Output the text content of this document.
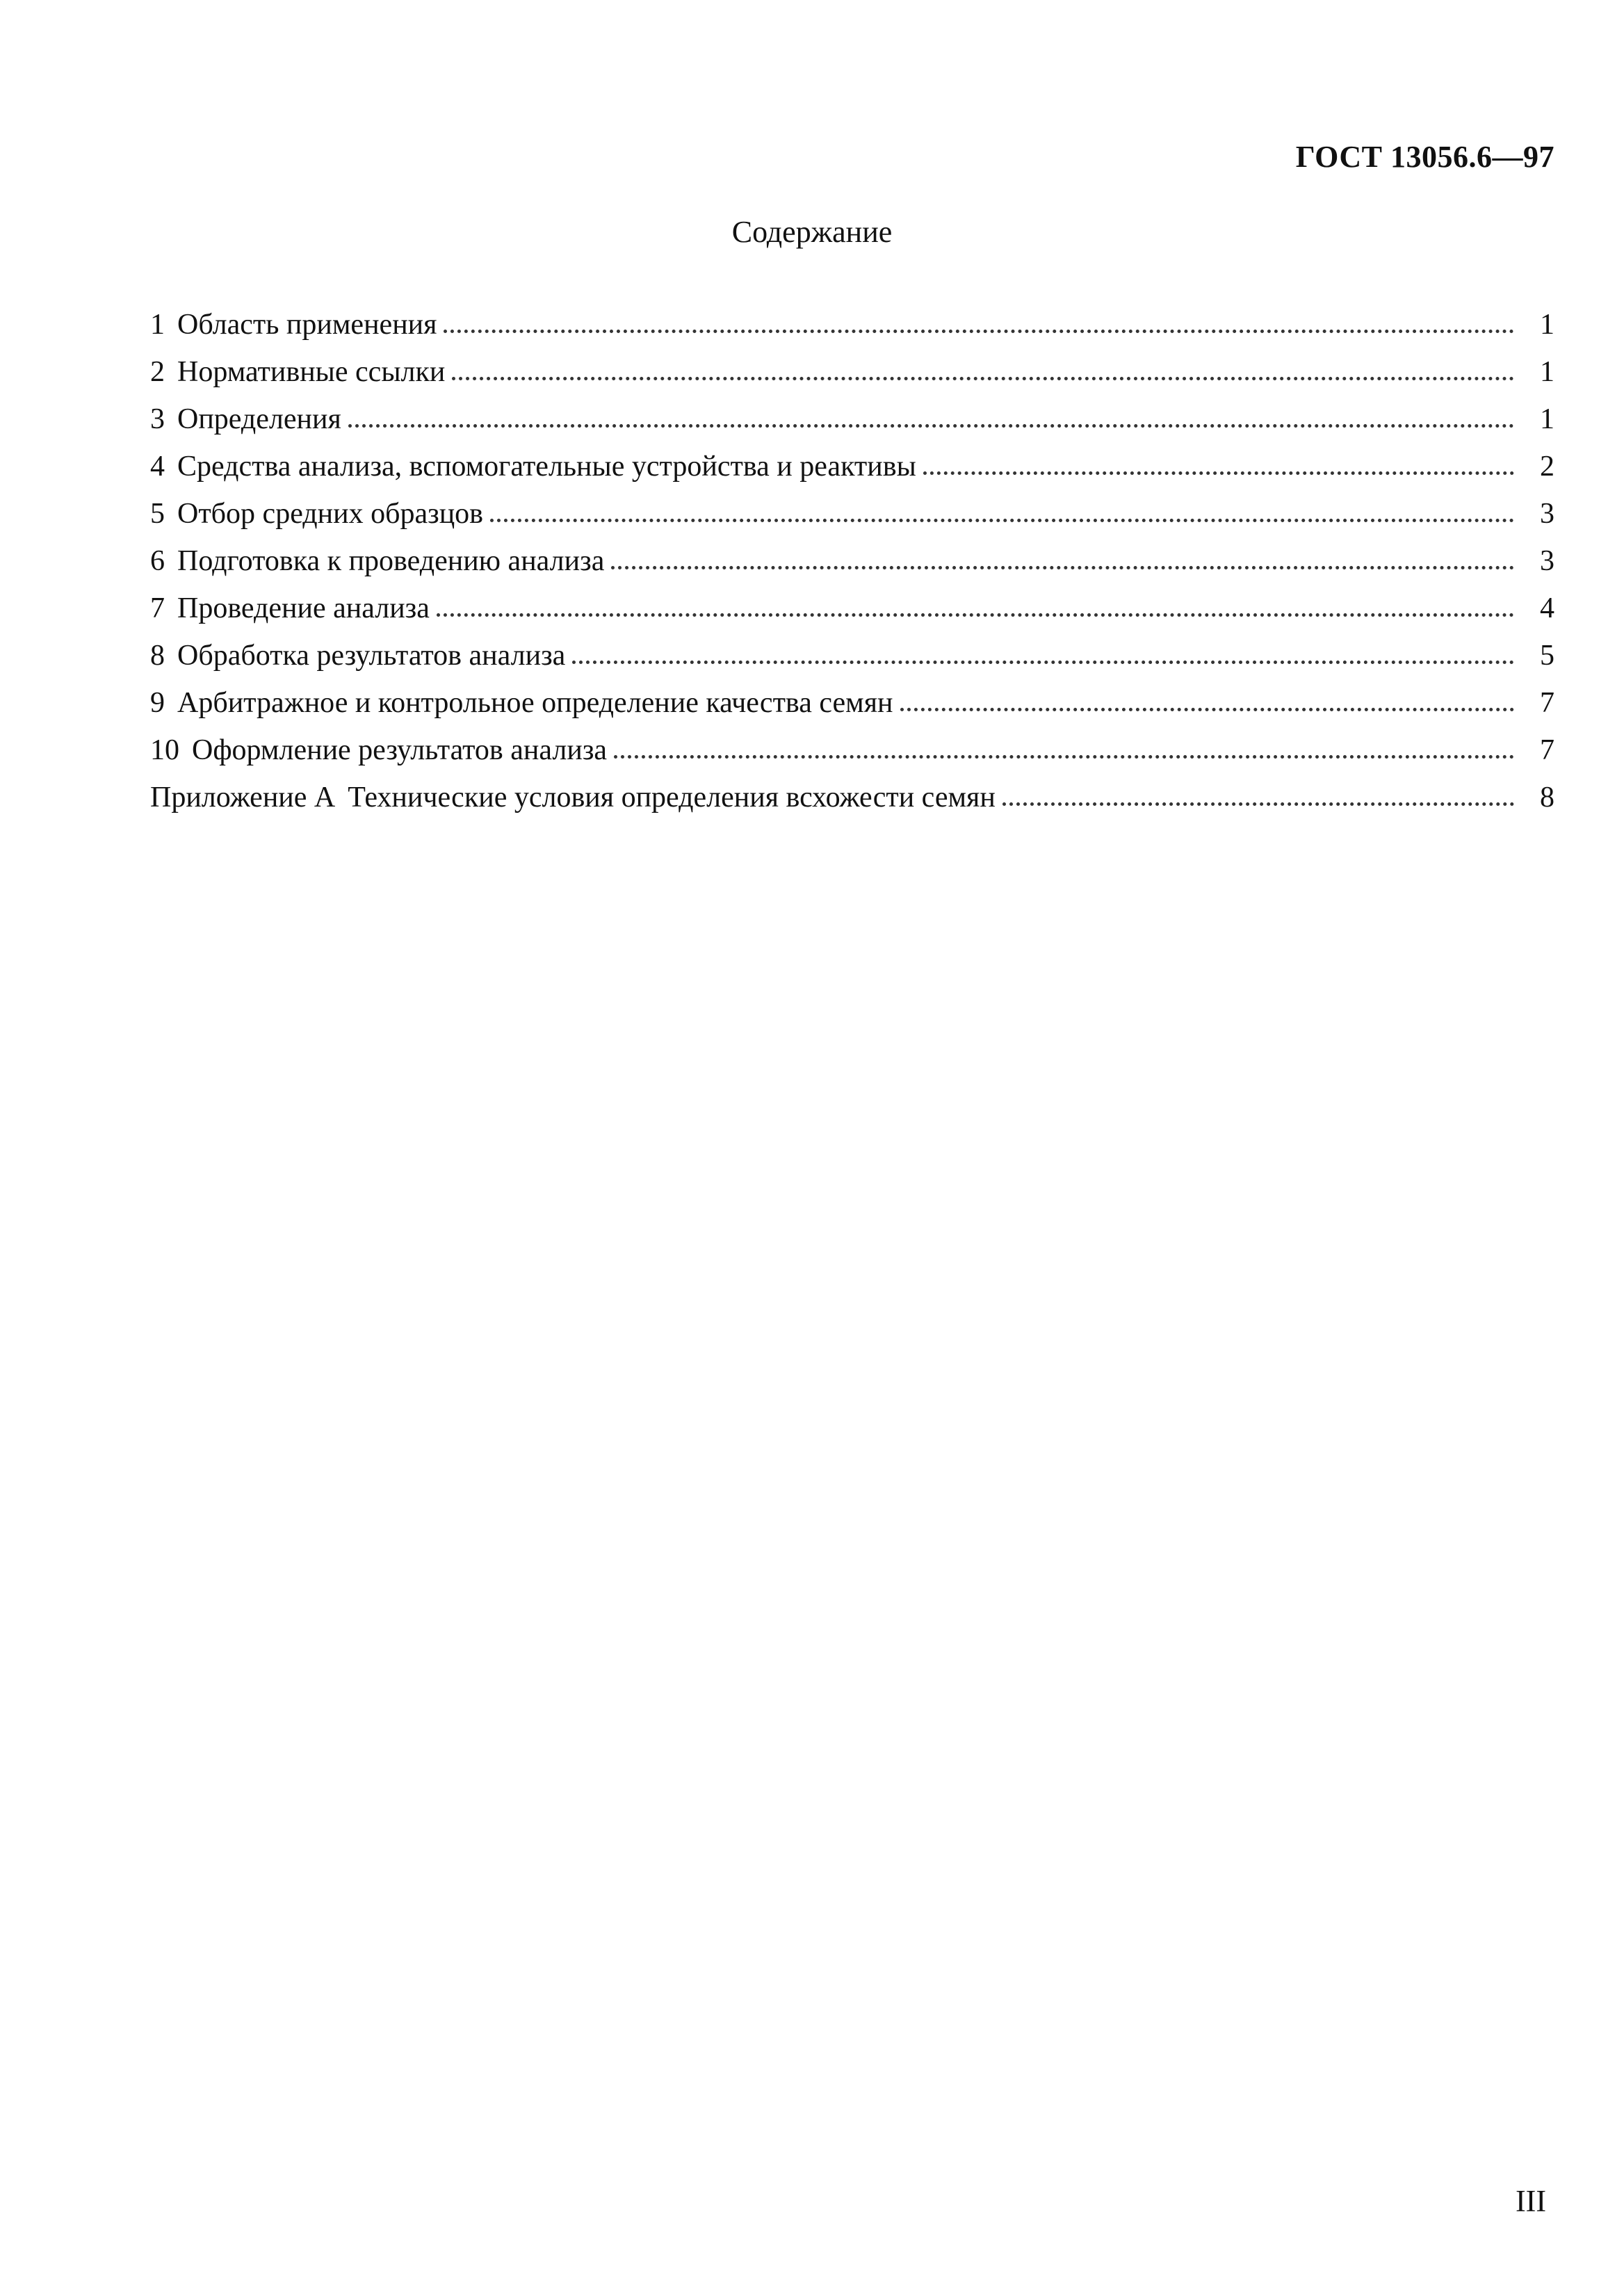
ГОСТ 13056.6—97
Содержание
1 Область применения	1
2 Нормативные ссылки	1
3 Определения	1
4 Средства анализа, вспомогательные устройства и реактивы	2
5 Отбор средних образцов	3
6 Подготовка к проведению анализа	3
7 Проведение анализа	4
8 Обработка результатов анализа	5
9 Арбитражное и контрольное определение качества семян	7
10 Оформление результатов анализа	7
Приложение А Технические условия определения всхожести семян	8
III
